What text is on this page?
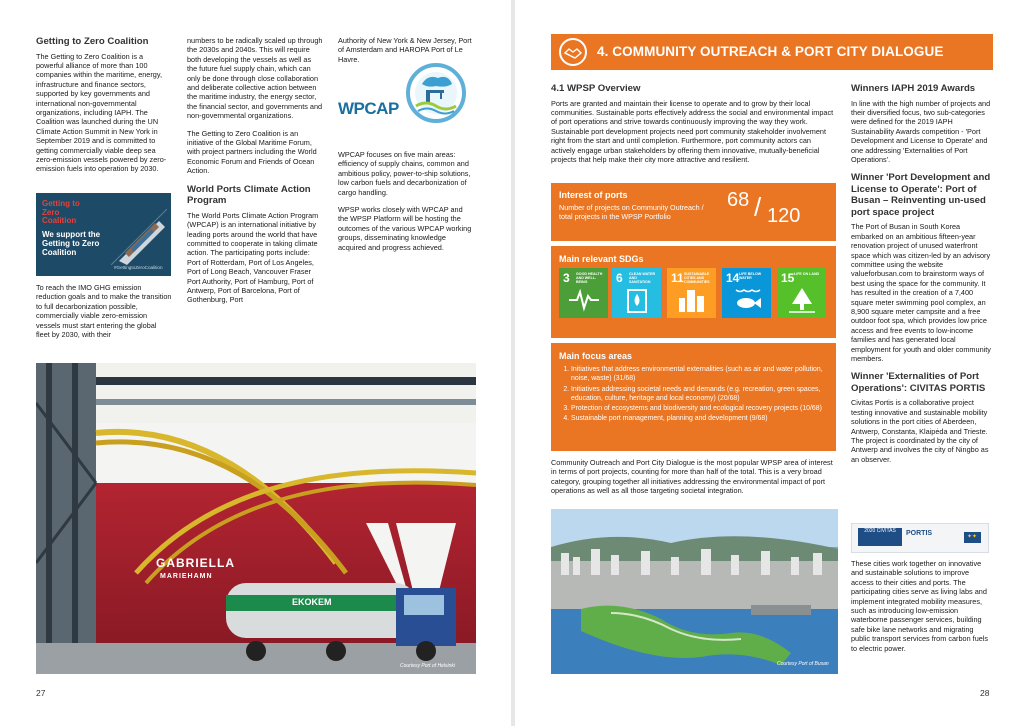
Getting to Zero Coalition

The Getting to Zero Coalition is a powerful alliance of more than 100 companies within the maritime, energy, infrastructure and finance sectors, supported by key governments and international non-governmental organizations, including IAPH. The Coalition was launched during the UN Climate Action Summit in New York in September 2019 and is committed to getting commercially viable deep sea zero-emission vessels powered by zero-emission fuels into operation by 2030.

Getting to Zero Coalition
We support the Getting to Zero Coalition
#GettingtoZeroCoalition

To reach the IMO GHG emission reduction goals and to make the transition to full decarbonization possible, commercially viable zero-emission vessels must start entering the global fleet by 2030, with their

numbers to be radically scaled up through the 2030s and 2040s. This will require both developing the vessels as well as the future fuel supply chain, which can only be done through close collaboration and deliberate collective action between the maritime industry, the energy sector, the financial sector, and governments and non-governmental organizations.

The Getting to Zero Coalition is an initiative of the Global Maritime Forum, with project partners including the World Economic Forum and Friends of Ocean Action.

World Ports Climate Action Program

The World Ports Climate Action Program (WPCAP) is an international initiative by leading ports around the world that have committed to cooperate in taking climate action. The participating ports include: Port of Rotterdam, Port of Los Angeles, Port of Long Beach, Vancouver Fraser Port Authority, Port of Hamburg, Port of Antwerp, Port of Barcelona, Port of Gothenburg, Port

Authority of New York & New Jersey, Port of Amsterdam and HAROPA Port of Le Havre.

WPCAP

WPCAP focuses on five main areas: efficiency of supply chains, common and ambitious policy, power-to-ship solutions, low carbon fuels and decarbonization of cargo handling.

WPSP works closely with WPCAP and the WPSP Platform will be hosting the outcomes of the various WPCAP working groups, disseminating knowledge acquired and progress achieved.

GABRIELLA
MARIEHAMN
EKOKEM
Courtesy Port of Helsinki
27
4. COMMUNITY OUTREACH & PORT CITY DIALOGUE
4.1 WPSP Overview

Ports are granted and maintain their license to operate and to grow by their local communities. Sustainable ports effectively address the social and environmental impact of port operations and strive towards continuously improving the way they work. Sustainable port development projects need port community stakeholder involvement right from the start and until completion. Furthermore, port community actors can actively engage urban stakeholders by offering them innovative, mutually-beneficial projects that help make their city more attractive and resilient.

Interest of ports
Number of projects on Community Outreach / total projects in the WPSP Portfolio
68 / 120
Main relevant SDGs
3 GOOD HEALTH AND WELL-BEING	6 CLEAN WATER AND SANITATION	11 SUSTAINABLE CITIES AND COMMUNITIES	14 LIFE BELOW WATER	15 LIFE ON LAND
Main focus areas
1. Initiatives that address environmental externalities (such as air and water pollution, noise, waste) (31/68)
2. Initiatives addressing societal needs and demands (e.g. recreation, green spaces, education, culture, heritage and local economy) (20/68)
3. Protection of ecosystems and biodiversity and ecological recovery projects (10/68)
4. Sustainable port management, planning and development (9/68)

Community Outreach and Port City Dialogue is the most popular WPSP area of interest in terms of port projects, counting for more than half of the total. This is a very broad category, grouping together all initiatives addressing the environmental impact of port operations as well as all those targeting societal integration.

Courtesy Port of Busan
Winners IAPH 2019 Awards

In line with the high number of projects and their diversified focus, two sub-categories were defined for the 2019 IAPH Sustainability Awards competition - 'Port Development and License to Operate' and one addressing 'Externalities of Port Operations'.

Winner 'Port Development and License to Operate': Port of Busan – Reinventing un-used port space project

The Port of Busan in South Korea embarked on an ambitious fifteen-year renovation project of unused waterfront space which was citizen-led by an advisory committee using the website valueforbusan.com to brainstorm ways of best using the space for the community. It has resulted in the creation of a 7,400 square meter swimming pool complex, an 8,900 square meter campsite and a free outdoor foot spa, which provides low price access and free events to low-income families and has generated local employment for youth and older community members.

Winner 'Externalities of Port Operations': CIVITAS PORTIS

Civitas Portis is a collaborative project testing innovative and sustainable mobility solutions in the port cities of Aberdeen, Antwerp, Constanta, Klaipėda and Trieste. The project is coordinated by the city of Antwerp and involves the city of Ningbo as an observer.

2020 CIVITAS	PORTIS	✦✦

These cities work together on innovative and sustainable solutions to improve access to their cities and ports. The participating cities serve as living labs and implement integrated mobility measures, such as introducing low-emission waterborne passenger services, building safe bike lane networks and migrating public transport services from carbon fuels to electric power.

28
